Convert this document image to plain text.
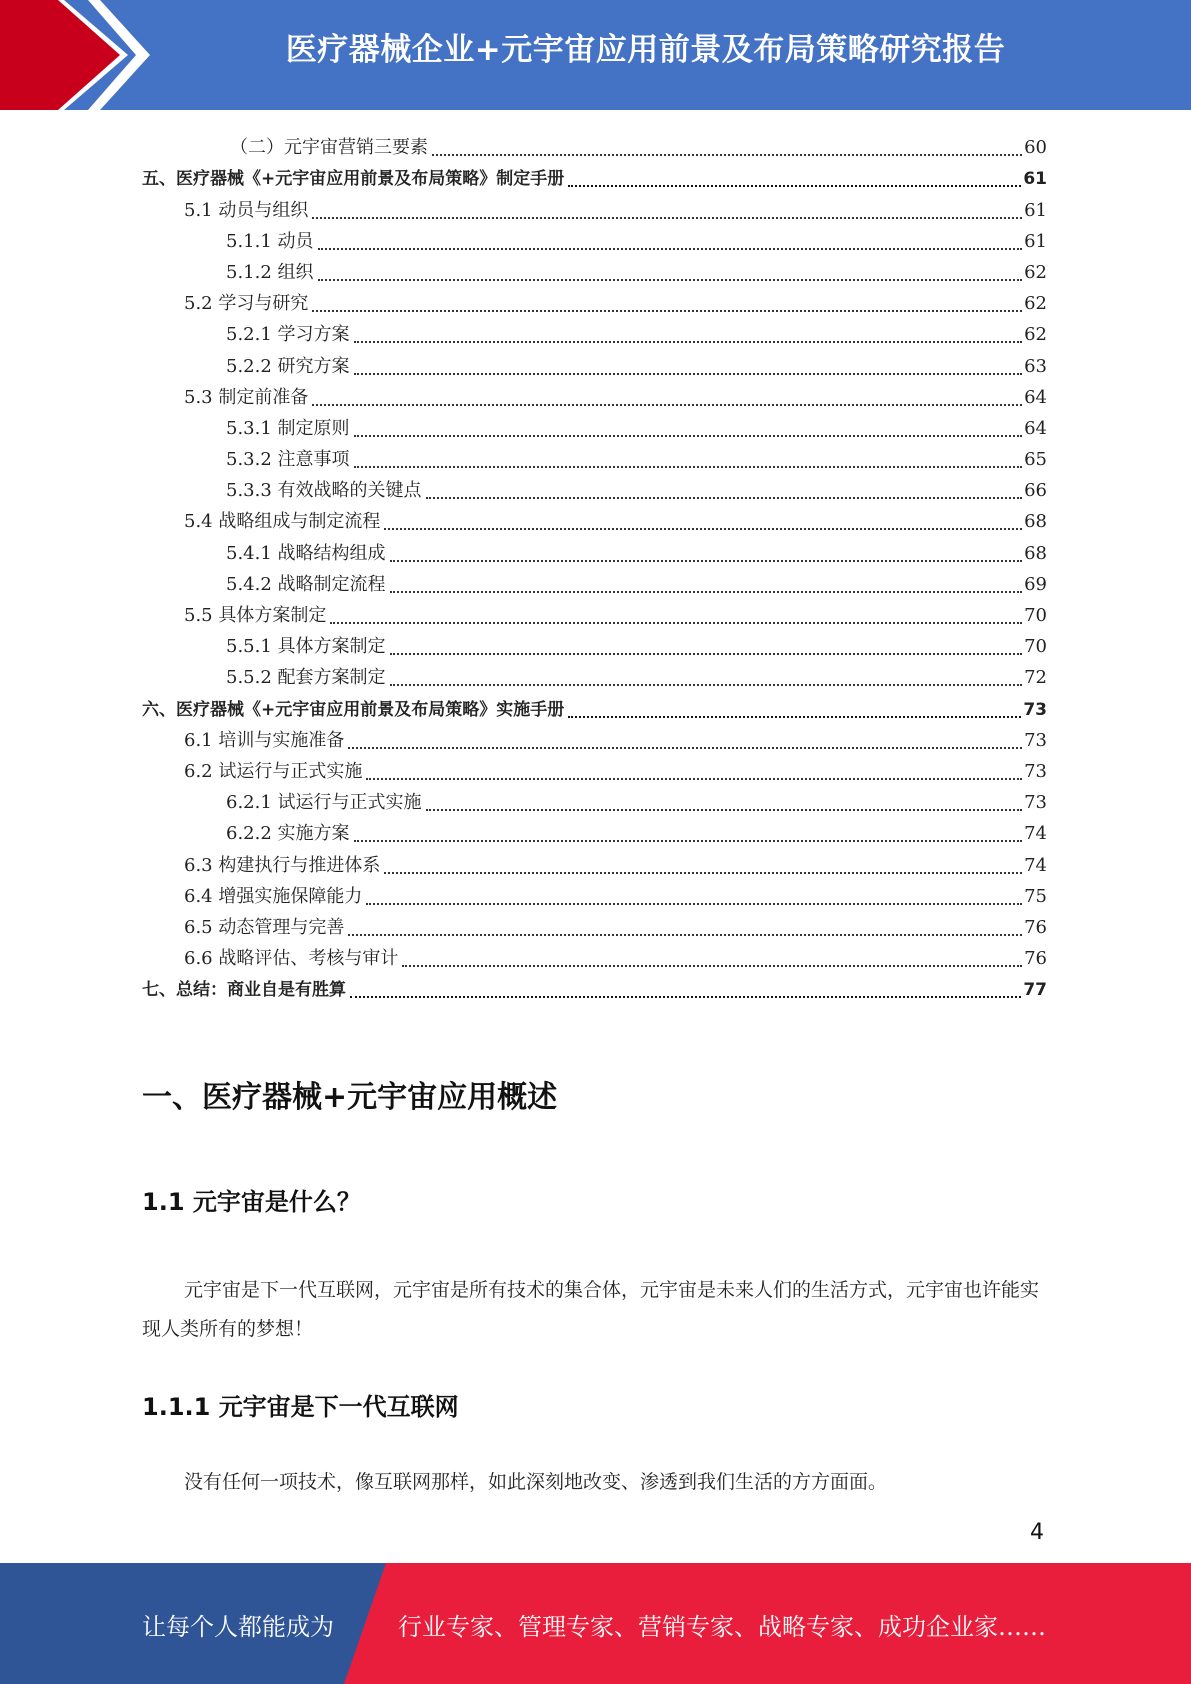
医疗器械企业+元宇宙应用前景及布局策略研究报告
（二）元宇宙营销三要素	60
五、医疗器械《+元宇宙应用前景及布局策略》制定手册	61
5.1 动员与组织	61
5.1.1 动员	61
5.1.2 组织	62
5.2 学习与研究	62
5.2.1 学习方案	62
5.2.2 研究方案	63
5.3 制定前准备	64
5.3.1 制定原则	64
5.3.2 注意事项	65
5.3.3 有效战略的关键点	66
5.4 战略组成与制定流程	68
5.4.1 战略结构组成	68
5.4.2 战略制定流程	69
5.5 具体方案制定	70
5.5.1 具体方案制定	70
5.5.2 配套方案制定	72
六、医疗器械《+元宇宙应用前景及布局策略》实施手册	73
6.1 培训与实施准备	73
6.2 试运行与正式实施	73
6.2.1 试运行与正式实施	73
6.2.2 实施方案	74
6.3 构建执行与推进体系	74
6.4 增强实施保障能力	75
6.5 动态管理与完善	76
6.6 战略评估、考核与审计	76
七、总结：商业自是有胜算	77
一、医疗器械+元宇宙应用概述
1.1 元宇宙是什么？
元宇宙是下一代互联网，元宇宙是所有技术的集合体，元宇宙是未来人们的生活方式，元宇宙也许能实现人类所有的梦想！
1.1.1 元宇宙是下一代互联网
没有任何一项技术，像互联网那样，如此深刻地改变、渗透到我们生活的方方面面。
4
让每个人都能成为	行业专家、管理专家、营销专家、战略专家、成功企业家……
